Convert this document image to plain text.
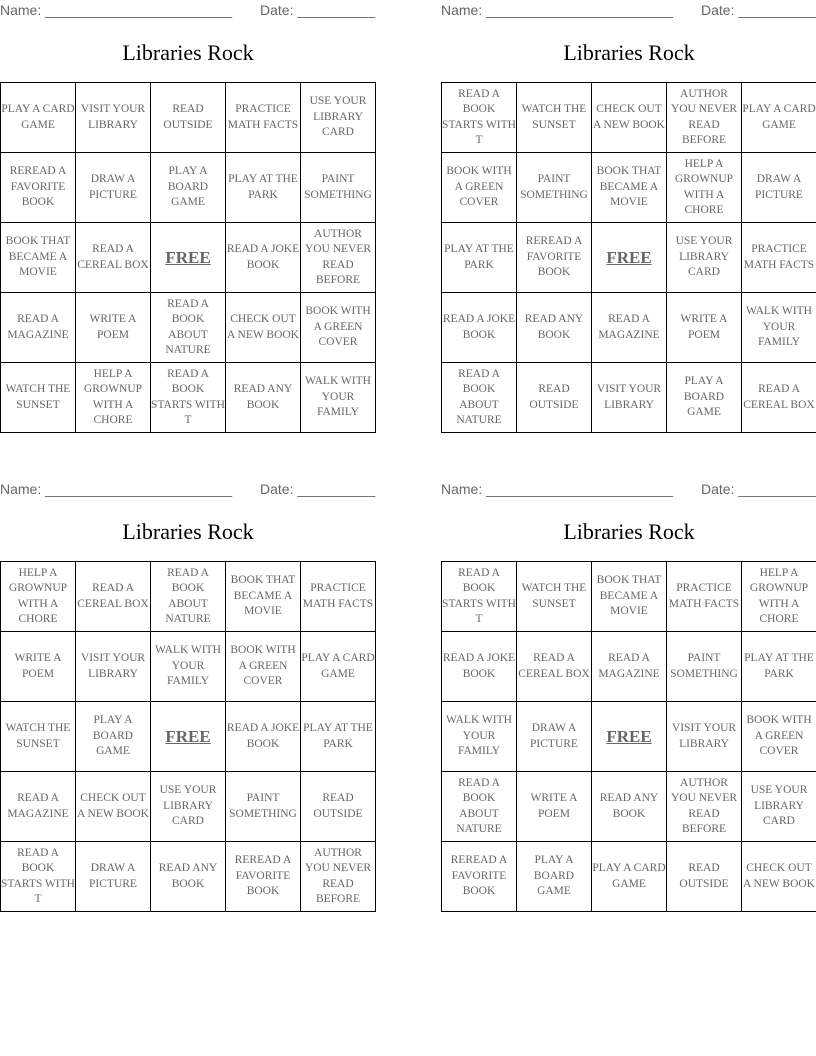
Name: ________________________ Date: __________
Libraries Rock
PLAY A CARD GAME	VISIT YOUR LIBRARY	READ OUTSIDE	PRACTICE MATH FACTS	USE YOUR LIBRARY CARD
REREAD A FAVORITE BOOK	DRAW A PICTURE	PLAY A BOARD GAME	PLAY AT THE PARK	PAINT SOMETHING
BOOK THAT BECAME A MOVIE	READ A CEREAL BOX	FREE	READ A JOKE BOOK	AUTHOR YOU NEVER READ BEFORE
READ A MAGAZINE	WRITE A POEM	READ A BOOK ABOUT NATURE	CHECK OUT A NEW BOOK	BOOK WITH A GREEN COVER
WATCH THE SUNSET	HELP A GROWNUP WITH A CHORE	READ A BOOK STARTS WITH T	READ ANY BOOK	WALK WITH YOUR FAMILY
Name: ________________________ Date: __________
Libraries Rock
READ A BOOK STARTS WITH T	WATCH THE SUNSET	CHECK OUT A NEW BOOK	AUTHOR YOU NEVER READ BEFORE	PLAY A CARD GAME
BOOK WITH A GREEN COVER	PAINT SOMETHING	BOOK THAT BECAME A MOVIE	HELP A GROWNUP WITH A CHORE	DRAW A PICTURE
PLAY AT THE PARK	REREAD A FAVORITE BOOK	FREE	USE YOUR LIBRARY CARD	PRACTICE MATH FACTS
READ A JOKE BOOK	READ ANY BOOK	READ A MAGAZINE	WRITE A POEM	WALK WITH YOUR FAMILY
READ A BOOK ABOUT NATURE	READ OUTSIDE	VISIT YOUR LIBRARY	PLAY A BOARD GAME	READ A CEREAL BOX
Name: ________________________ Date: __________
Libraries Rock
HELP A GROWNUP WITH A CHORE	READ A CEREAL BOX	READ A BOOK ABOUT NATURE	BOOK THAT BECAME A MOVIE	PRACTICE MATH FACTS
WRITE A POEM	VISIT YOUR LIBRARY	WALK WITH YOUR FAMILY	BOOK WITH A GREEN COVER	PLAY A CARD GAME
WATCH THE SUNSET	PLAY A BOARD GAME	FREE	READ A JOKE BOOK	PLAY AT THE PARK
READ A MAGAZINE	CHECK OUT A NEW BOOK	USE YOUR LIBRARY CARD	PAINT SOMETHING	READ OUTSIDE
READ A BOOK STARTS WITH T	DRAW A PICTURE	READ ANY BOOK	REREAD A FAVORITE BOOK	AUTHOR YOU NEVER READ BEFORE
Name: ________________________ Date: __________
Libraries Rock
READ A BOOK STARTS WITH T	WATCH THE SUNSET	BOOK THAT BECAME A MOVIE	PRACTICE MATH FACTS	HELP A GROWNUP WITH A CHORE
READ A JOKE BOOK	READ A CEREAL BOX	READ A MAGAZINE	PAINT SOMETHING	PLAY AT THE PARK
WALK WITH YOUR FAMILY	DRAW A PICTURE	FREE	VISIT YOUR LIBRARY	BOOK WITH A GREEN COVER
READ A BOOK ABOUT NATURE	WRITE A POEM	READ ANY BOOK	AUTHOR YOU NEVER READ BEFORE	USE YOUR LIBRARY CARD
REREAD A FAVORITE BOOK	PLAY A BOARD GAME	PLAY A CARD GAME	READ OUTSIDE	CHECK OUT A NEW BOOK
